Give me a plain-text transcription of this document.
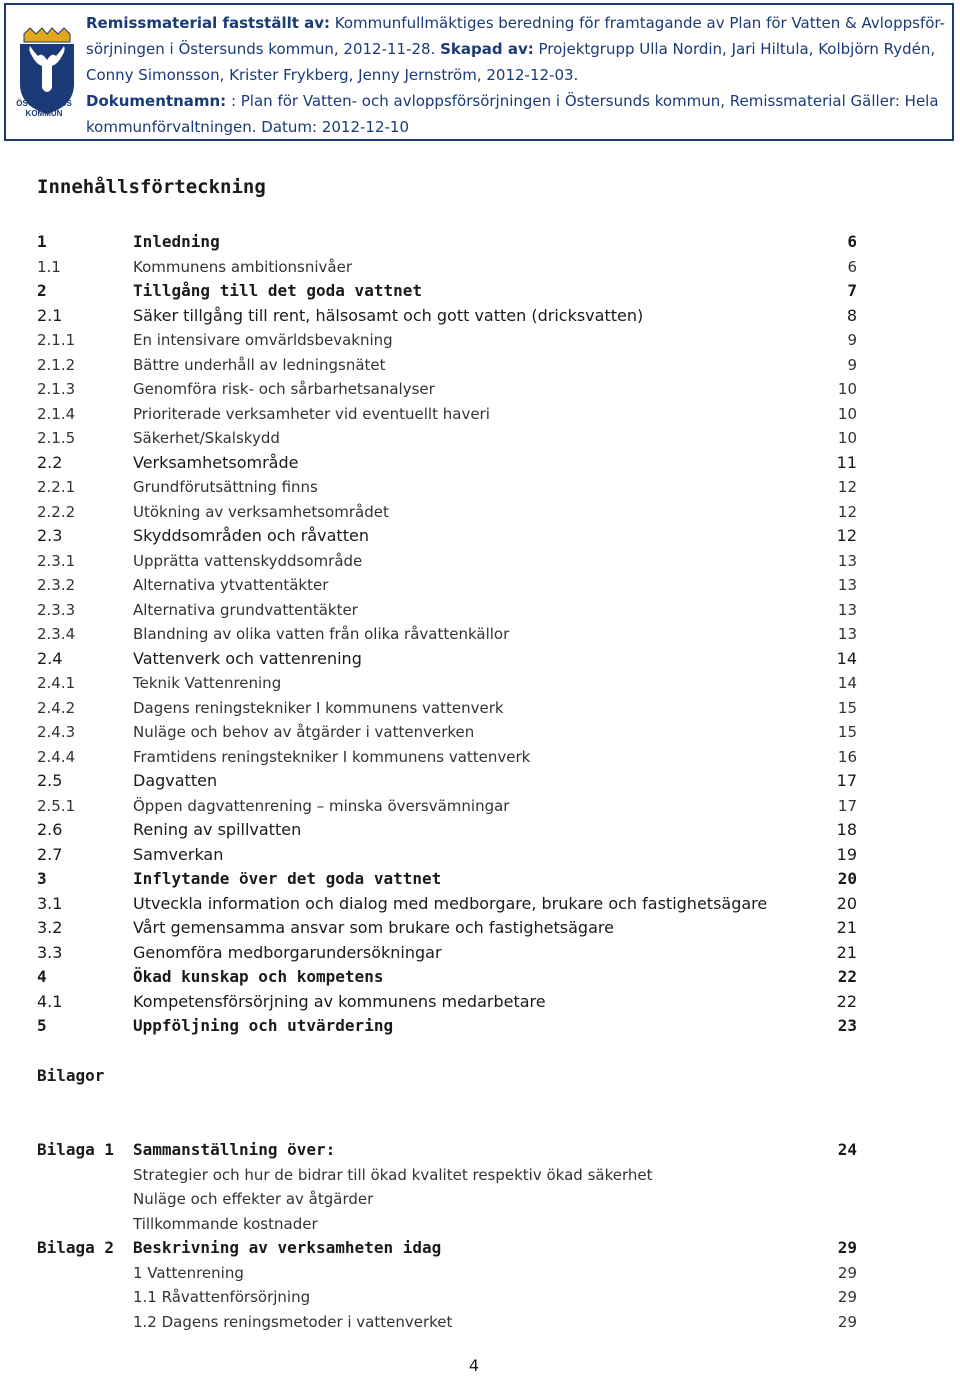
ÖSTERSUNDS
KOMMUN
Remissmaterial fastställt av: Kommunfullmäktiges beredning för framtagande av Plan för Vatten & Avloppsför-
sörjningen i Östersunds kommun, 2012-11-28. Skapad av: Projektgrupp Ulla Nordin, Jari Hiltula, Kolbjörn Rydén,
Conny Simonsson, Krister Frykberg, Jenny Jernström, 2012-12-03.
Dokumentnamn: : Plan för Vatten- och avloppsförsörjningen i Östersunds kommun, Remissmaterial Gäller: Hela
kommunförvaltningen. Datum: 2012-12-10
Innehållsförteckning
1	Inledning	6
1.1	Kommunens ambitionsnivåer	6
2	Tillgång till det goda vattnet	7
2.1	Säker tillgång till rent, hälsosamt och gott vatten (dricksvatten)	8
2.1.1	En intensivare omvärldsbevakning	9
2.1.2	Bättre underhåll av ledningsnätet	9
2.1.3	Genomföra risk- och sårbarhetsanalyser	10
2.1.4	Prioriterade verksamheter vid eventuellt haveri	10
2.1.5	Säkerhet/Skalskydd	10
2.2	Verksamhetsområde	11
2.2.1	Grundförutsättning finns	12
2.2.2	Utökning av verksamhetsområdet	12
2.3	Skyddsområden och råvatten	12
2.3.1	Upprätta vattenskyddsområde	13
2.3.2	Alternativa ytvattentäkter	13
2.3.3	Alternativa grundvattentäkter	13
2.3.4	Blandning av olika vatten från olika råvattenkällor	13
2.4	Vattenverk och vattenrening	14
2.4.1	Teknik Vattenrening	14
2.4.2	Dagens reningstekniker I kommunens vattenverk	15
2.4.3	Nuläge och behov av åtgärder i vattenverken	15
2.4.4	Framtidens reningstekniker I kommunens vattenverk	16
2.5	Dagvatten	17
2.5.1	Öppen dagvattenrening – minska översvämningar	17
2.6	Rening av spillvatten	18
2.7	Samverkan	19
3	Inflytande över det goda vattnet	20
3.1	Utveckla information och dialog med medborgare, brukare och fastighetsägare	20
3.2	Vårt gemensamma ansvar som brukare och fastighetsägare	21
3.3	Genomföra medborgarundersökningar	21
4	Ökad kunskap och kompetens	22
4.1	Kompetensförsörjning av kommunens medarbetare	22
5	Uppföljning och utvärdering	23
Bilagor
Bilaga 1 Sammanställning över:	24
Strategier och hur de bidrar till ökad kvalitet respektiv ökad säkerhet
Nuläge och effekter av åtgärder
Tillkommande kostnader
Bilaga 2 Beskrivning av verksamheten idag	29
1 Vattenrening	29
1.1 Råvattenförsörjning	29
1.2 Dagens reningsmetoder i vattenverket	29
4
